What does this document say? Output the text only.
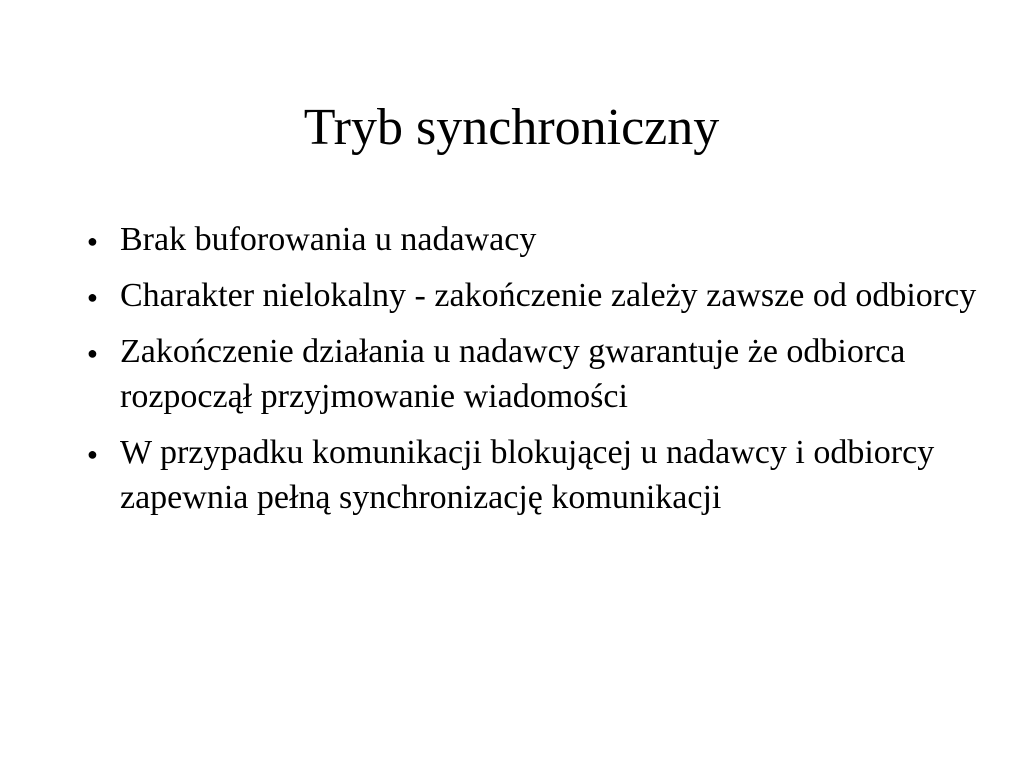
Tryb synchroniczny
● Brak buforowania u nadawacy
● Charakter nielokalny - zakończenie zależy zawsze od odbiorcy
● Zakończenie działania u nadawcy gwarantuje że odbiorca rozpoczął przyjmowanie wiadomości
● W przypadku komunikacji blokującej u nadawcy i odbiorcy zapewnia pełną synchronizację komunikacji
